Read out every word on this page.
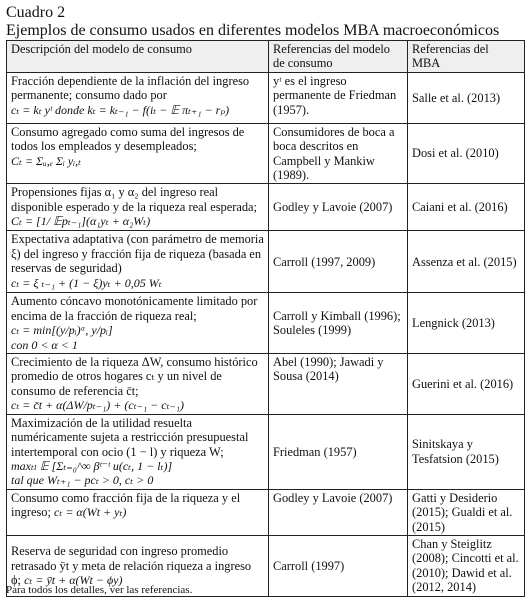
Cuadro 2
Ejemplos de consumo usados en diferentes modelos MBA macroeconómicos
Descripción del modelo de consumo	Referencias del modelo de consumo	Referencias del MBA
Fracción dependiente de la inflación del ingreso permanente; consumo dado por
cₜ = kₜ yᵗ donde kₜ = kₜ₋₁ − f(iₜ − 𝔼 πₜ₊₁ − rₚ)	yᵗ es el ingreso permanente de Friedman (1957).	Salle et al. (2013)
Consumo agregado como suma del ingresos de todos los empleados y desempleados;
Cₜ = Σᵤ,ₑ Σᵢ yᵢ,ₜ	Consumidores de boca a boca descritos en Campbell y Mankiw (1989).	Dosi et al. (2010)
Propensiones fijas α₁ y α₂ del ingreso real disponible esperado y de la riqueza real esperada; Cₜ = [1/ 𝔼pₜ₋₁](α₁yₜ + α₂Wₜ)	Godley y Lavoie (2007)	Caiani et al. (2016)
Expectativa adaptativa (con parámetro de memoria ξ) del ingreso y fracción fija de riqueza (basada en reservas de seguridad)
cₜ = ξ ₜ₋₁ + (1 − ξ)yₜ + 0,05 Wₜ	Carroll (1997, 2009)	Assenza et al. (2015)
Aumento cóncavo monotónicamente limitado por encima de la fracción de riqueza real;
cₜ = min[(y/pᵢ)ᵅ, y/pᵢ]
con 0 < α < 1	Carroll y Kimball (1996); Souleles (1999)	Lengnick (2013)
Crecimiento de la riqueza ΔW, consumo histórico promedio de otros hogares cₜ y un nivel de consumo de referencia c̄t;
cₜ = c̄t + α(ΔW/pₜ₋₁) + (cₜ₋₁ − cₜ₋₁)	Abel (1990); Jawadi y Sousa (2014)	Guerini et al. (2016)
Maximización de la utilidad resuelta numéricamente sujeta a restricción presupuestal intertemporal con ocio (1 − l) y riqueza W;
maxₜₗ 𝔼 [Σₜ₌₀^∞ βᵗ⁻ᵗ u(cₜ, 1 − lₜ)]
tal que Wₜ₊₁ − pcₜ > 0, cₜ > 0	Friedman (1957)	Sinitskaya y Tesfatsion (2015)
Consumo como fracción fija de la riqueza y el ingreso; cₜ = α(Wt + yₜ)	Godley y Lavoie (2007)	Gatti y Desiderio (2015); Gualdi et al. (2015)
Reserva de seguridad con ingreso promedio retrasado ȳt y meta de relación riqueza a ingreso ϕ; cₜ = ȳt + α(Wt − ϕy)	Carroll (1997)	Chan y Steiglitz (2008); Cincotti et al. (2010); Dawid et al. (2012, 2014)
Para todos los detalles, ver las referencias.
